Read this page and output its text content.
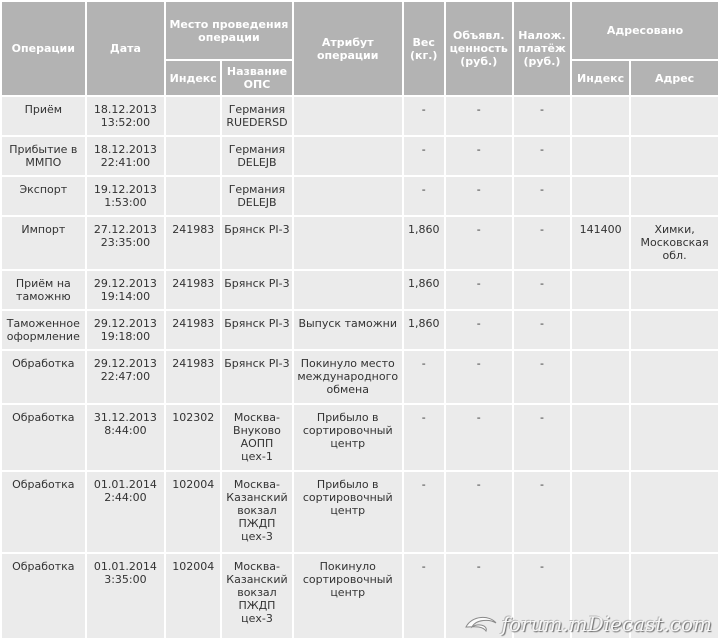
Операции	Дата	Место проведения операции		Атрибут операции	Вес (кг.)	Объявл. ценность (руб.)	Налож. платёж (руб.)	Адресовано	
		Индекс	Название ОПС					Индекс	Адрес
Приём	18.12.2013 13:52:00		Германия RUEDERSD		-	-	-		
Прибытие в ММПО	18.12.2013 22:41:00		Германия DELEJB		-	-	-		
Экспорт	19.12.2013 1:53:00		Германия DELEJB		-	-	-		
Импорт	27.12.2013 23:35:00	241983	Брянск PI-3		1,860	-	-	141400	Химки, Московская обл.
Приём на таможню	29.12.2013 19:14:00	241983	Брянск PI-3		1,860	-	-		
Таможенное оформление	29.12.2013 19:18:00	241983	Брянск PI-3	Выпуск таможни	1,860	-	-		
Обработка	29.12.2013 22:47:00	241983	Брянск PI-3	Покинуло место международного обмена	-	-	-		
Обработка	31.12.2013 8:44:00	102302	Москва-Внуково АОПП цех-1	Прибыло в сортировочный центр	-	-	-		
Обработка	01.01.2014 2:44:00	102004	Москва-Казанский вокзал ПЖДП цех-3	Прибыло в сортировочный центр	-	-	-		
Обработка	01.01.2014 3:35:00	102004	Москва-Казанский вокзал ПЖДП цех-3	Покинуло сортировочный центр	-	-	-		
forum.mDiecast.com
